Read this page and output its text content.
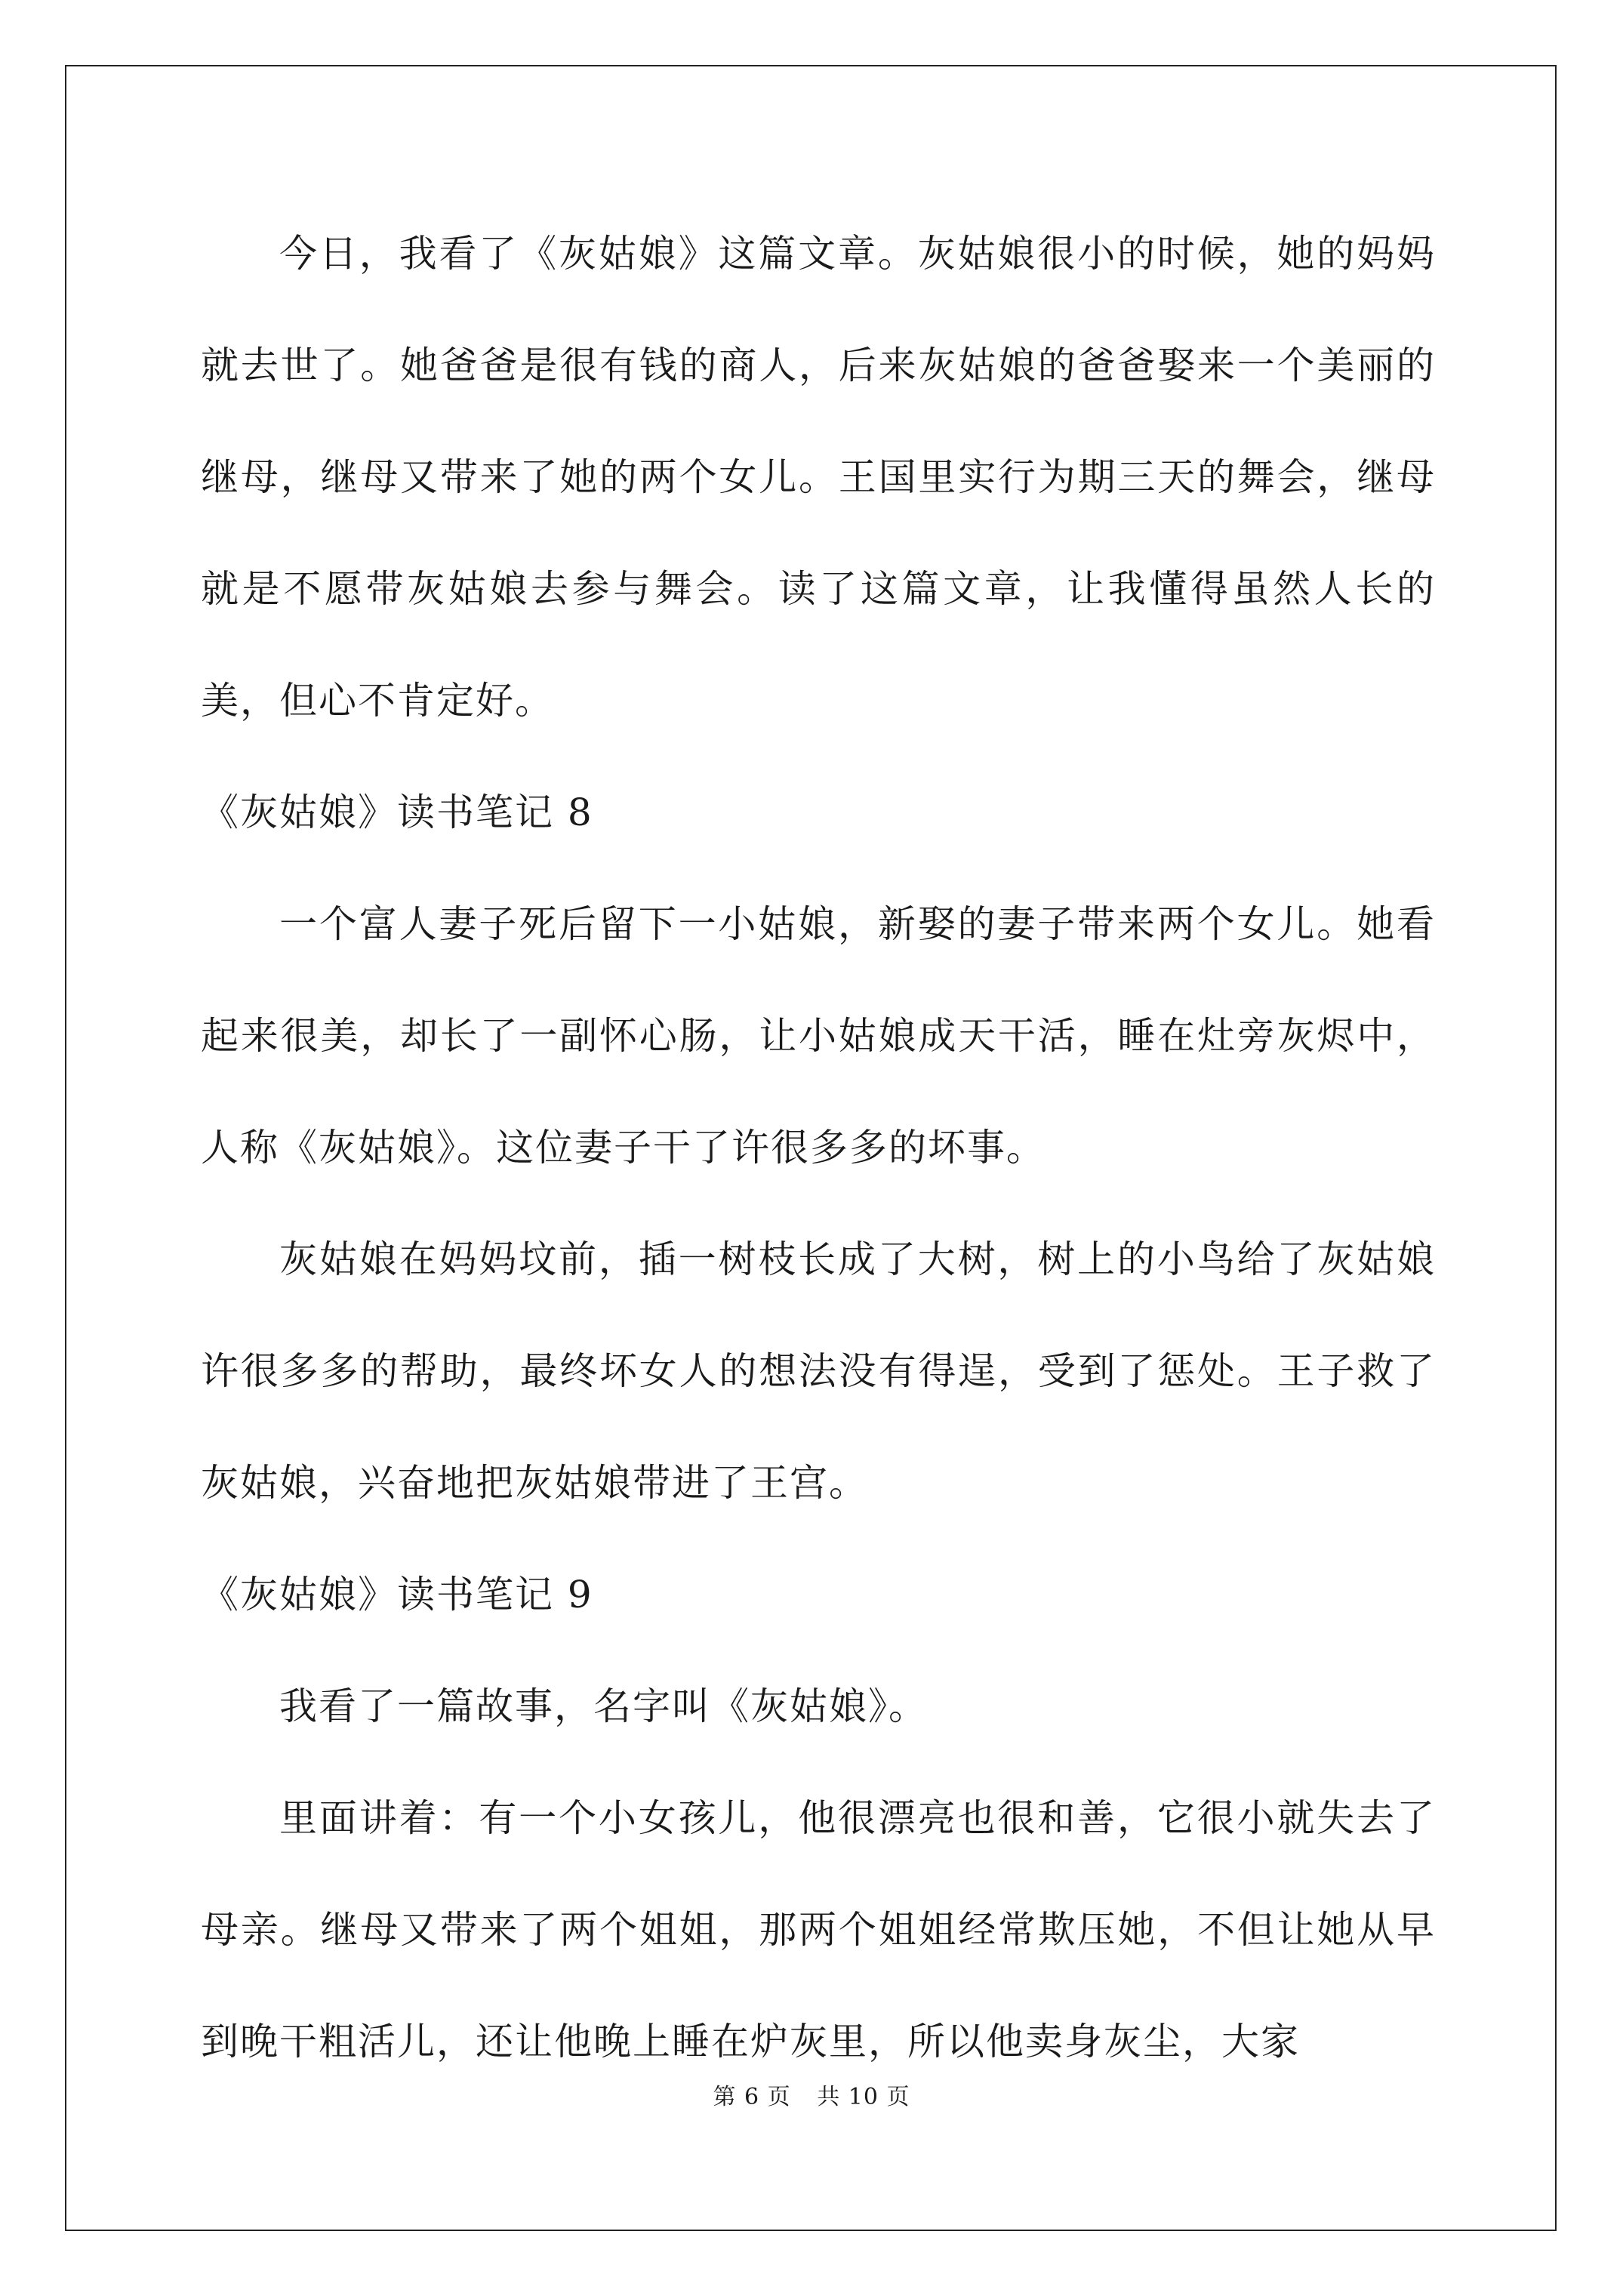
今日，我看了《灰姑娘》这篇文章。灰姑娘很小的时候，她的妈妈就去世了。她爸爸是很有钱的商人，后来灰姑娘的爸爸娶来一个美丽的继母，继母又带来了她的两个女儿。王国里实行为期三天的舞会，继母就是不愿带灰姑娘去参与舞会。读了这篇文章，让我懂得虽然人长的美，但心不肯定好。

《灰姑娘》读书笔记 8

一个富人妻子死后留下一小姑娘，新娶的妻子带来两个女儿。她看起来很美，却长了一副怀心肠，让小姑娘成天干活，睡在灶旁灰烬中，人称《灰姑娘》。这位妻子干了许很多多的坏事。

灰姑娘在妈妈坟前，插一树枝长成了大树，树上的小鸟给了灰姑娘许很多多的帮助，最终坏女人的想法没有得逞，受到了惩处。王子救了灰姑娘，兴奋地把灰姑娘带进了王宫。

《灰姑娘》读书笔记 9

我看了一篇故事，名字叫《灰姑娘》。

里面讲着：有一个小女孩儿，他很漂亮也很和善，它很小就失去了母亲。继母又带来了两个姐姐，那两个姐姐经常欺压她，不但让她从早到晚干粗活儿，还让他晚上睡在炉灰里，所以他卖身灰尘，大家

第 6 页 共 10 页
